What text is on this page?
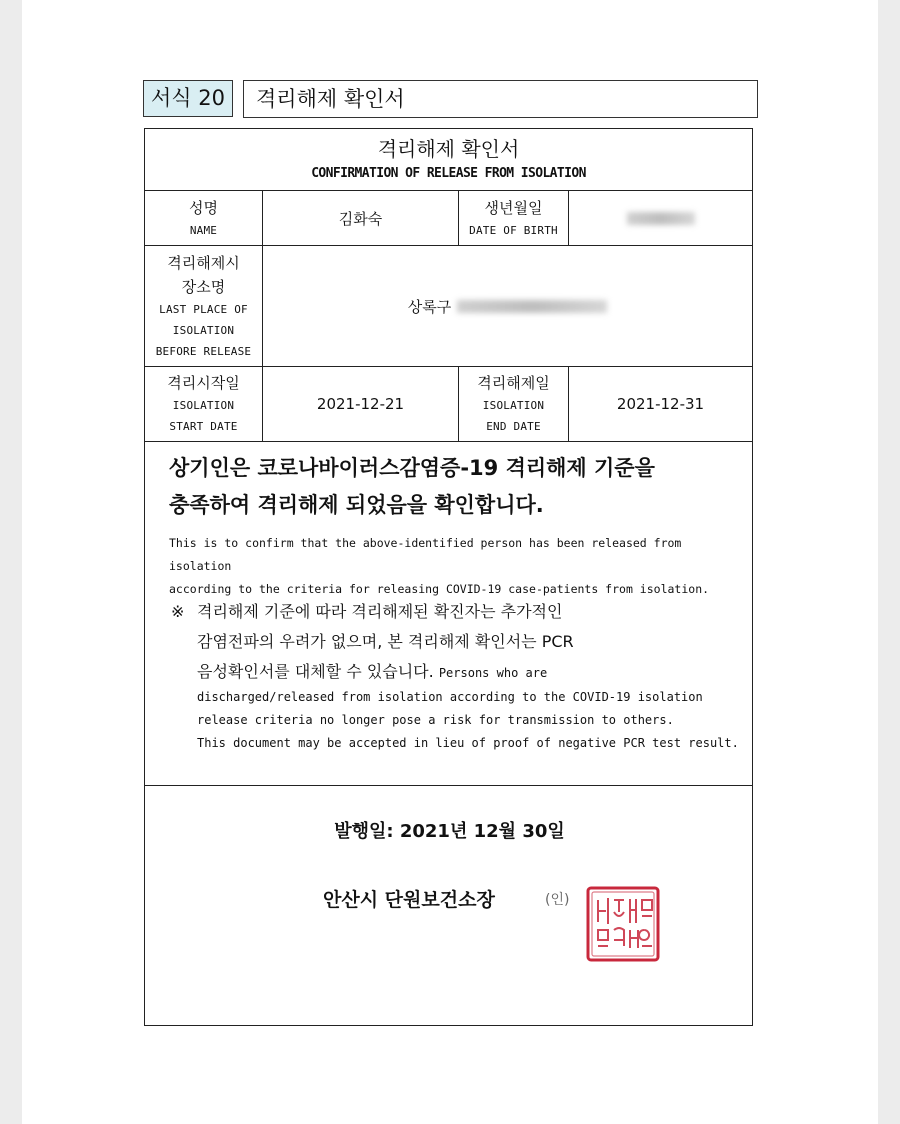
서식 20	격리해제 확인서
격리해제 확인서
CONFIRMATION OF RELEASE FROM ISOLATION
성명
NAME
김화숙
생년월일
DATE OF BIRTH
격리해제시
장소명
LAST PLACE OF
ISOLATION
BEFORE RELEASE
상록구
격리시작일
ISOLATION
START DATE
2021-12-21
격리해제일
ISOLATION
END DATE
2021-12-31
상기인은 코로나바이러스감염증-19 격리해제 기준을
충족하여 격리해제 되었음을 확인합니다.
This is to confirm that the above-identified person has been released from isolation
according to the criteria for releasing COVID-19 case-patients from isolation.
※ 격리해제 기준에 따라 격리해제된 확진자는 추가적인
감염전파의 우려가 없으며, 본 격리해제 확인서는 PCR
음성확인서를 대체할 수 있습니다. Persons who are
discharged/released from isolation according to the COVID-19 isolation
release criteria no longer pose a risk for transmission to others.
This document may be accepted in lieu of proof of negative PCR test result.
발행일: 2021년 12월 30일
안산시 단원보건소장	(인)
